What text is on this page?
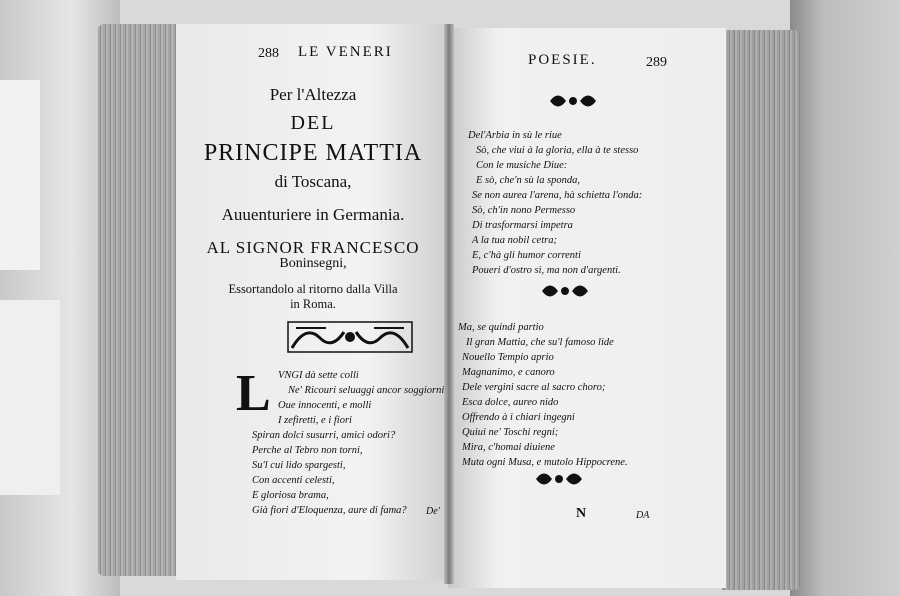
288 LE VENERI
Per l'Altezza
DEL
PRINCIPE MATTIA
di Toscana,
Auuenturiere in Germania.
AL SIGNOR FRANCESCO
Boninsegni,
Essortandolo al ritorno dalla Villa
in Roma.
L VNGI dà sette colli
Ne' Ricouri seluaggi ancor soggiorni
Oue innocenti, e molli
I zefiretti, e i fiori
Spiran dolci susurri, amici odori?
Perche al Tebro non torni,
Su'l cui lido spargesti,
Con accenti celesti,
E gloriosa brama,
Già fiori d'Eloquenza, aure di fama? De'
POESIE.	289
Del'Arbia in sù le riue
Sò, che viui à la gloria, ella à te stesso
Con le musiche Diue:
E sò, che'n sù la sponda,
Se non aurea l'arena, hà schietta l'onda:
Sò, ch'in nono Permesso
Di trasformarsi impetra
A la tua nobil cetra;
E, c'hà gli humor correnti
Poueri d'ostro sì, ma non d'argenti.
Ma, se quindi partio
Il gran Mattia, che su'l famoso lide
Nouello Tempio aprio
Magnanimo, e canoro
Dele vergini sacre al sacro choro;
Esca dolce, aureo nido
Offrendo à i chiari ingegni
Quiui ne' Toschi regni;
Mira, c'homai diuiene
Muta ogni Musa, e mutolo Hippocrene.
N	DA
